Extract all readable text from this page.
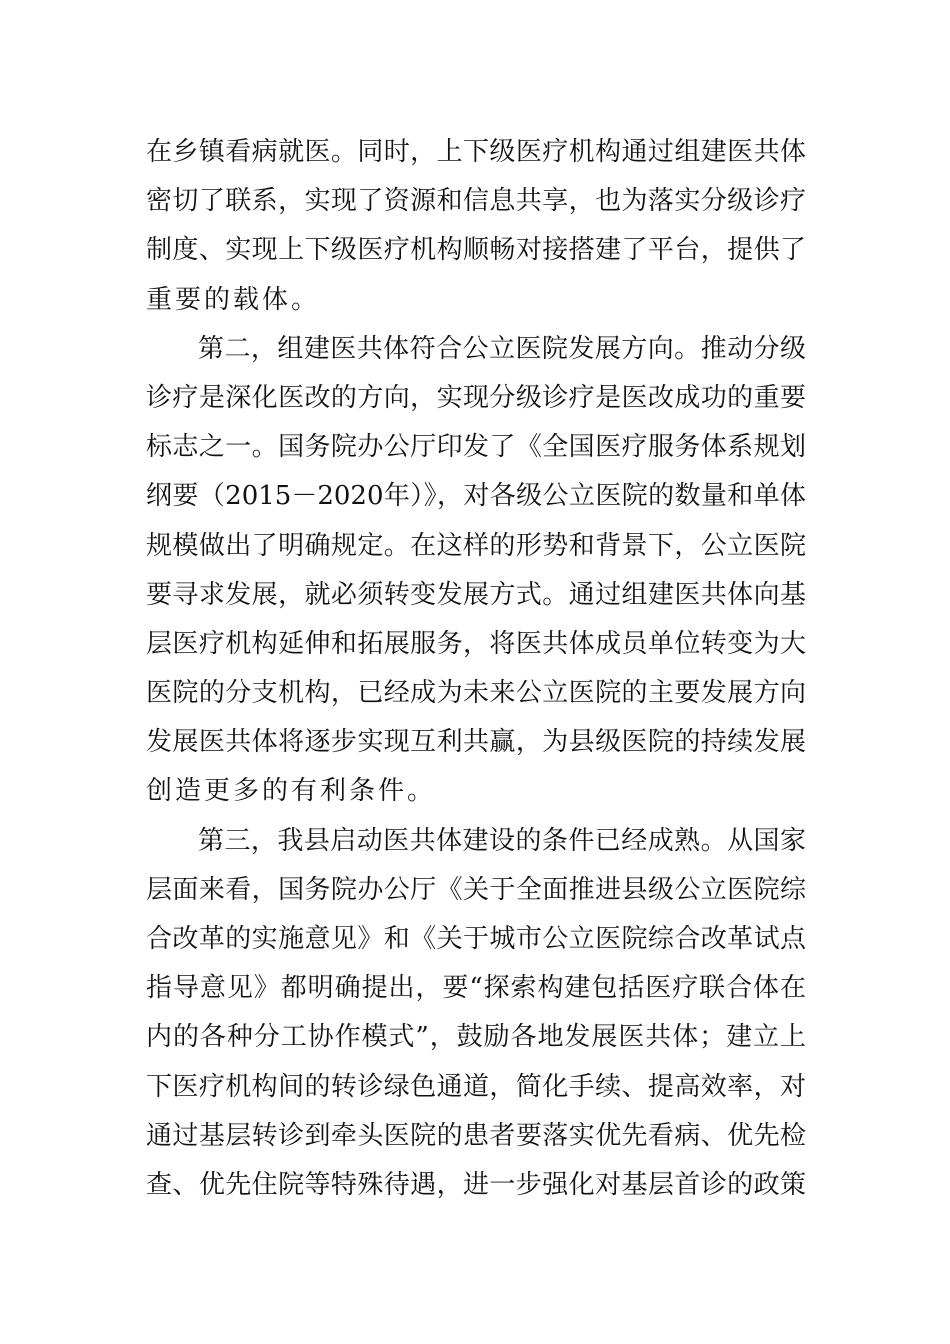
在乡镇看病就医。同时，上下级医疗机构通过组建医共体
密切了联系，实现了资源和信息共享，也为落实分级诊疗
制度、实现上下级医疗机构顺畅对接搭建了平台，提供了
重要的载体。
第二，组建医共体符合公立医院发展方向。推动分级
诊疗是深化医改的方向，实现分级诊疗是医改成功的重要
标志之一。国务院办公厅印发了《全国医疗服务体系规划
纲要（2015－2020年）》，对各级公立医院的数量和单体
规模做出了明确规定。在这样的形势和背景下，公立医院
要寻求发展，就必须转变发展方式。通过组建医共体向基
层医疗机构延伸和拓展服务，将医共体成员单位转变为大
医院的分支机构，已经成为未来公立医院的主要发展方向
发展医共体将逐步实现互利共赢，为县级医院的持续发展
创造更多的有利条件。
第三，我县启动医共体建设的条件已经成熟。从国家
层面来看，国务院办公厅《关于全面推进县级公立医院综
合改革的实施意见》和《关于城市公立医院综合改革试点
指导意见》都明确提出，要“探索构建包括医疗联合体在
内的各种分工协作模式”，鼓励各地发展医共体；建立上
下医疗机构间的转诊绿色通道，简化手续、提高效率，对
通过基层转诊到牵头医院的患者要落实优先看病、优先检
查、优先住院等特殊待遇，进一步强化对基层首诊的政策
